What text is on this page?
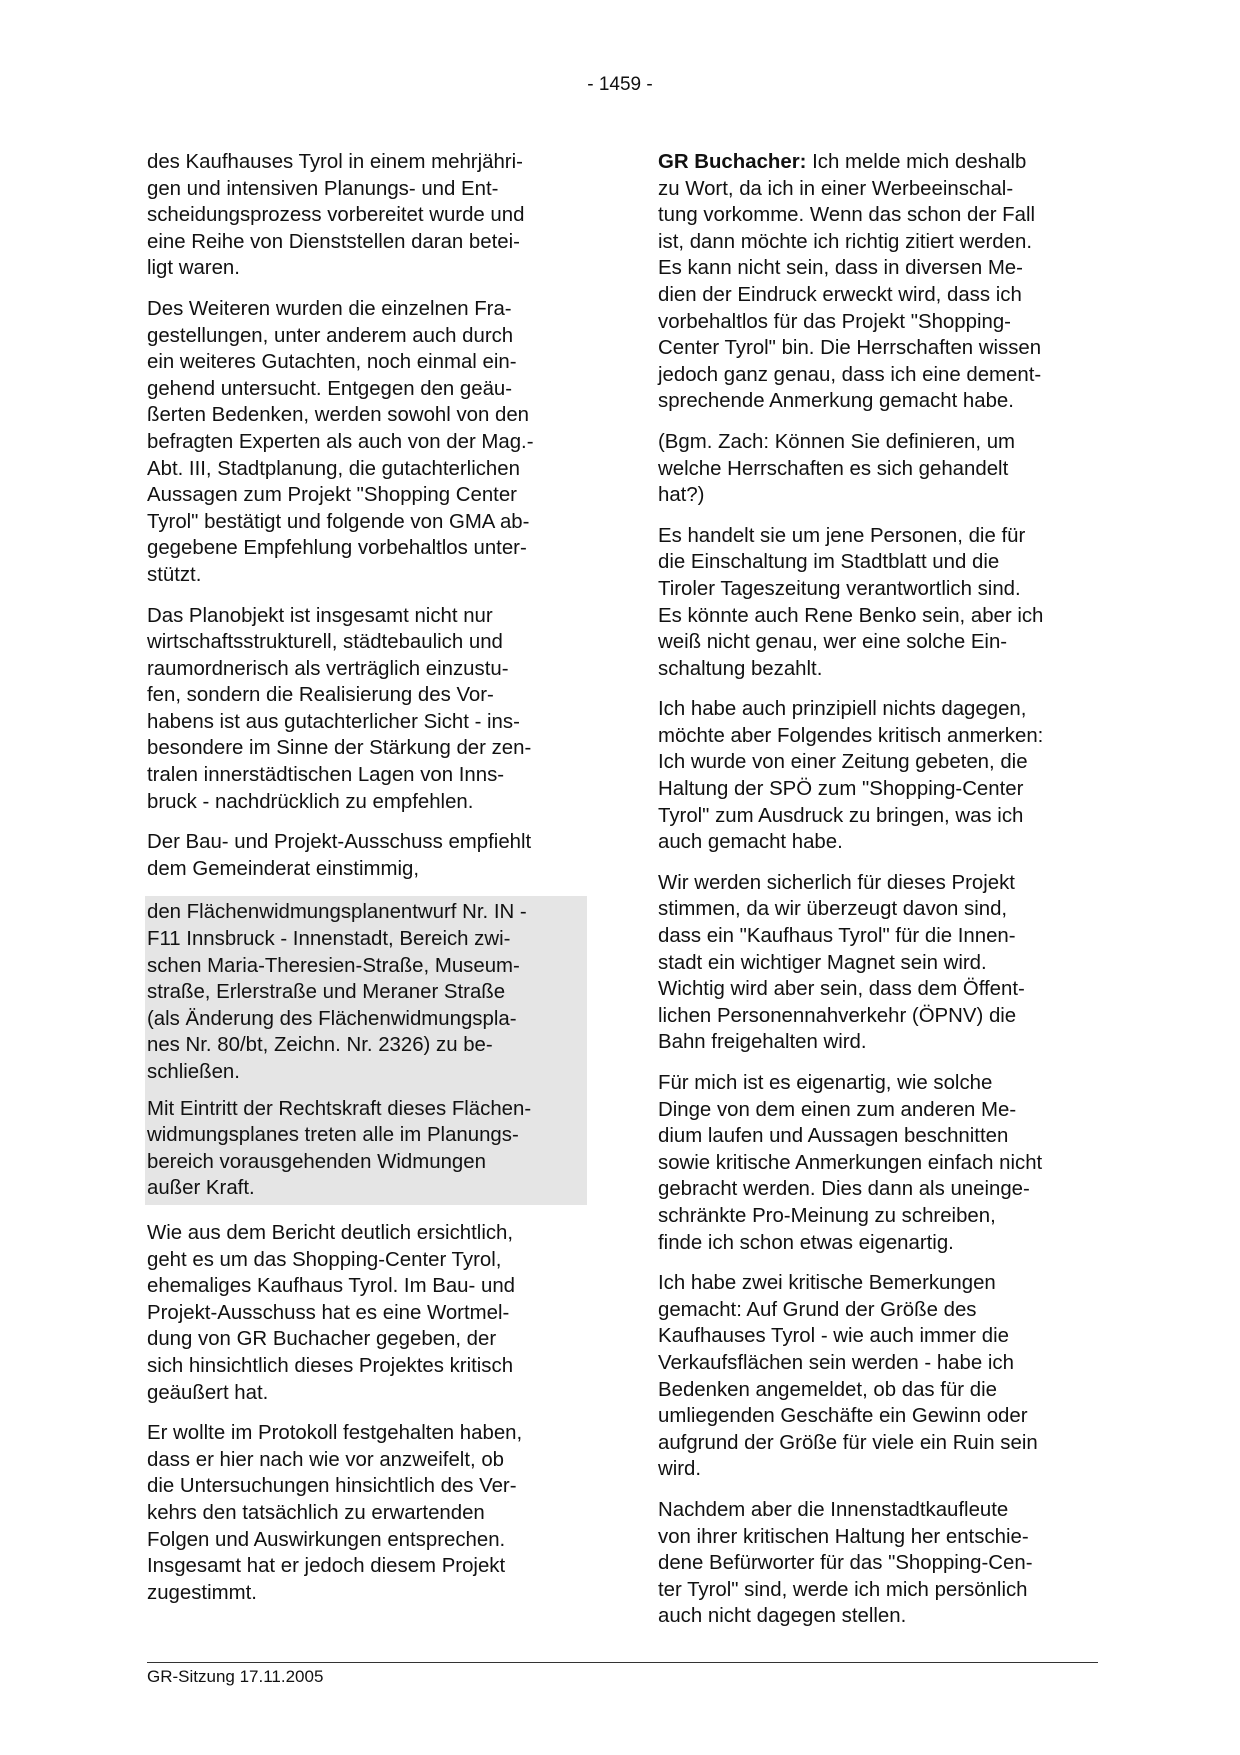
- 1459 -

des Kaufhauses Tyrol in einem mehrjähri-
gen und intensiven Planungs- und Ent-
scheidungsprozess vorbereitet wurde und
eine Reihe von Dienststellen daran betei-
ligt waren.

Des Weiteren wurden die einzelnen Fra-
gestellungen, unter anderem auch durch
ein weiteres Gutachten, noch einmal ein-
gehend untersucht. Entgegen den geäu-
ßerten Bedenken, werden sowohl von den
befragten Experten als auch von der Mag.-
Abt. III, Stadtplanung, die gutachterlichen
Aussagen zum Projekt "Shopping Center
Tyrol" bestätigt und folgende von GMA ab-
gegebene Empfehlung vorbehaltlos unter-
stützt.

Das Planobjekt ist insgesamt nicht nur
wirtschaftsstrukturell, städtebaulich und
raumordnerisch als verträglich einzustu-
fen, sondern die Realisierung des Vor-
habens ist aus gutachterlicher Sicht - ins-
besondere im Sinne der Stärkung der zen-
tralen innerstädtischen Lagen von Inns-
bruck - nachdrücklich zu empfehlen.

Der Bau- und Projekt-Ausschuss empfiehlt
dem Gemeinderat einstimmig,

den Flächenwidmungsplanentwurf Nr. IN -
F11 Innsbruck - Innenstadt, Bereich zwi-
schen Maria-Theresien-Straße, Museum-
straße, Erlerstraße und Meraner Straße
(als Änderung des Flächenwidmungspla-
nes Nr. 80/bt, Zeichn. Nr. 2326) zu be-
schließen.

Mit Eintritt der Rechtskraft dieses Flächen-
widmungsplanes treten alle im Planungs-
bereich vorausgehenden Widmungen
außer Kraft.

Wie aus dem Bericht deutlich ersichtlich,
geht es um das Shopping-Center Tyrol,
ehemaliges Kaufhaus Tyrol. Im Bau- und
Projekt-Ausschuss hat es eine Wortmel-
dung von GR Buchacher gegeben, der
sich hinsichtlich dieses Projektes kritisch
geäußert hat.

Er wollte im Protokoll festgehalten haben,
dass er hier nach wie vor anzweifelt, ob
die Untersuchungen hinsichtlich des Ver-
kehrs den tatsächlich zu erwartenden
Folgen und Auswirkungen entsprechen.
Insgesamt hat er jedoch diesem Projekt
zugestimmt.

GR Buchacher: Ich melde mich deshalb
zu Wort, da ich in einer Werbeeinschal-
tung vorkomme. Wenn das schon der Fall
ist, dann möchte ich richtig zitiert werden.
Es kann nicht sein, dass in diversen Me-
dien der Eindruck erweckt wird, dass ich
vorbehaltlos für das Projekt "Shopping-
Center Tyrol" bin. Die Herrschaften wissen
jedoch ganz genau, dass ich eine dement-
sprechende Anmerkung gemacht habe.

(Bgm. Zach: Können Sie definieren, um
welche Herrschaften es sich gehandelt
hat?)

Es handelt sie um jene Personen, die für
die Einschaltung im Stadtblatt und die
Tiroler Tageszeitung verantwortlich sind.
Es könnte auch Rene Benko sein, aber ich
weiß nicht genau, wer eine solche Ein-
schaltung bezahlt.

Ich habe auch prinzipiell nichts dagegen,
möchte aber Folgendes kritisch anmerken:
Ich wurde von einer Zeitung gebeten, die
Haltung der SPÖ zum "Shopping-Center
Tyrol" zum Ausdruck zu bringen, was ich
auch gemacht habe.

Wir werden sicherlich für dieses Projekt
stimmen, da wir überzeugt davon sind,
dass ein "Kaufhaus Tyrol" für die Innen-
stadt ein wichtiger Magnet sein wird.
Wichtig wird aber sein, dass dem Öffent-
lichen Personennahverkehr (ÖPNV) die
Bahn freigehalten wird.

Für mich ist es eigenartig, wie solche
Dinge von dem einen zum anderen Me-
dium laufen und Aussagen beschnitten
sowie kritische Anmerkungen einfach nicht
gebracht werden. Dies dann als uneinge-
schränkte Pro-Meinung zu schreiben,
finde ich schon etwas eigenartig.

Ich habe zwei kritische Bemerkungen
gemacht: Auf Grund der Größe des
Kaufhauses Tyrol - wie auch immer die
Verkaufsflächen sein werden - habe ich
Bedenken angemeldet, ob das für die
umliegenden Geschäfte ein Gewinn oder
aufgrund der Größe für viele ein Ruin sein
wird.

Nachdem aber die Innenstadtkaufleute
von ihrer kritischen Haltung her entschie-
dene Befürworter für das "Shopping-Cen-
ter Tyrol" sind, werde ich mich persönlich
auch nicht dagegen stellen.

GR-Sitzung 17.11.2005
